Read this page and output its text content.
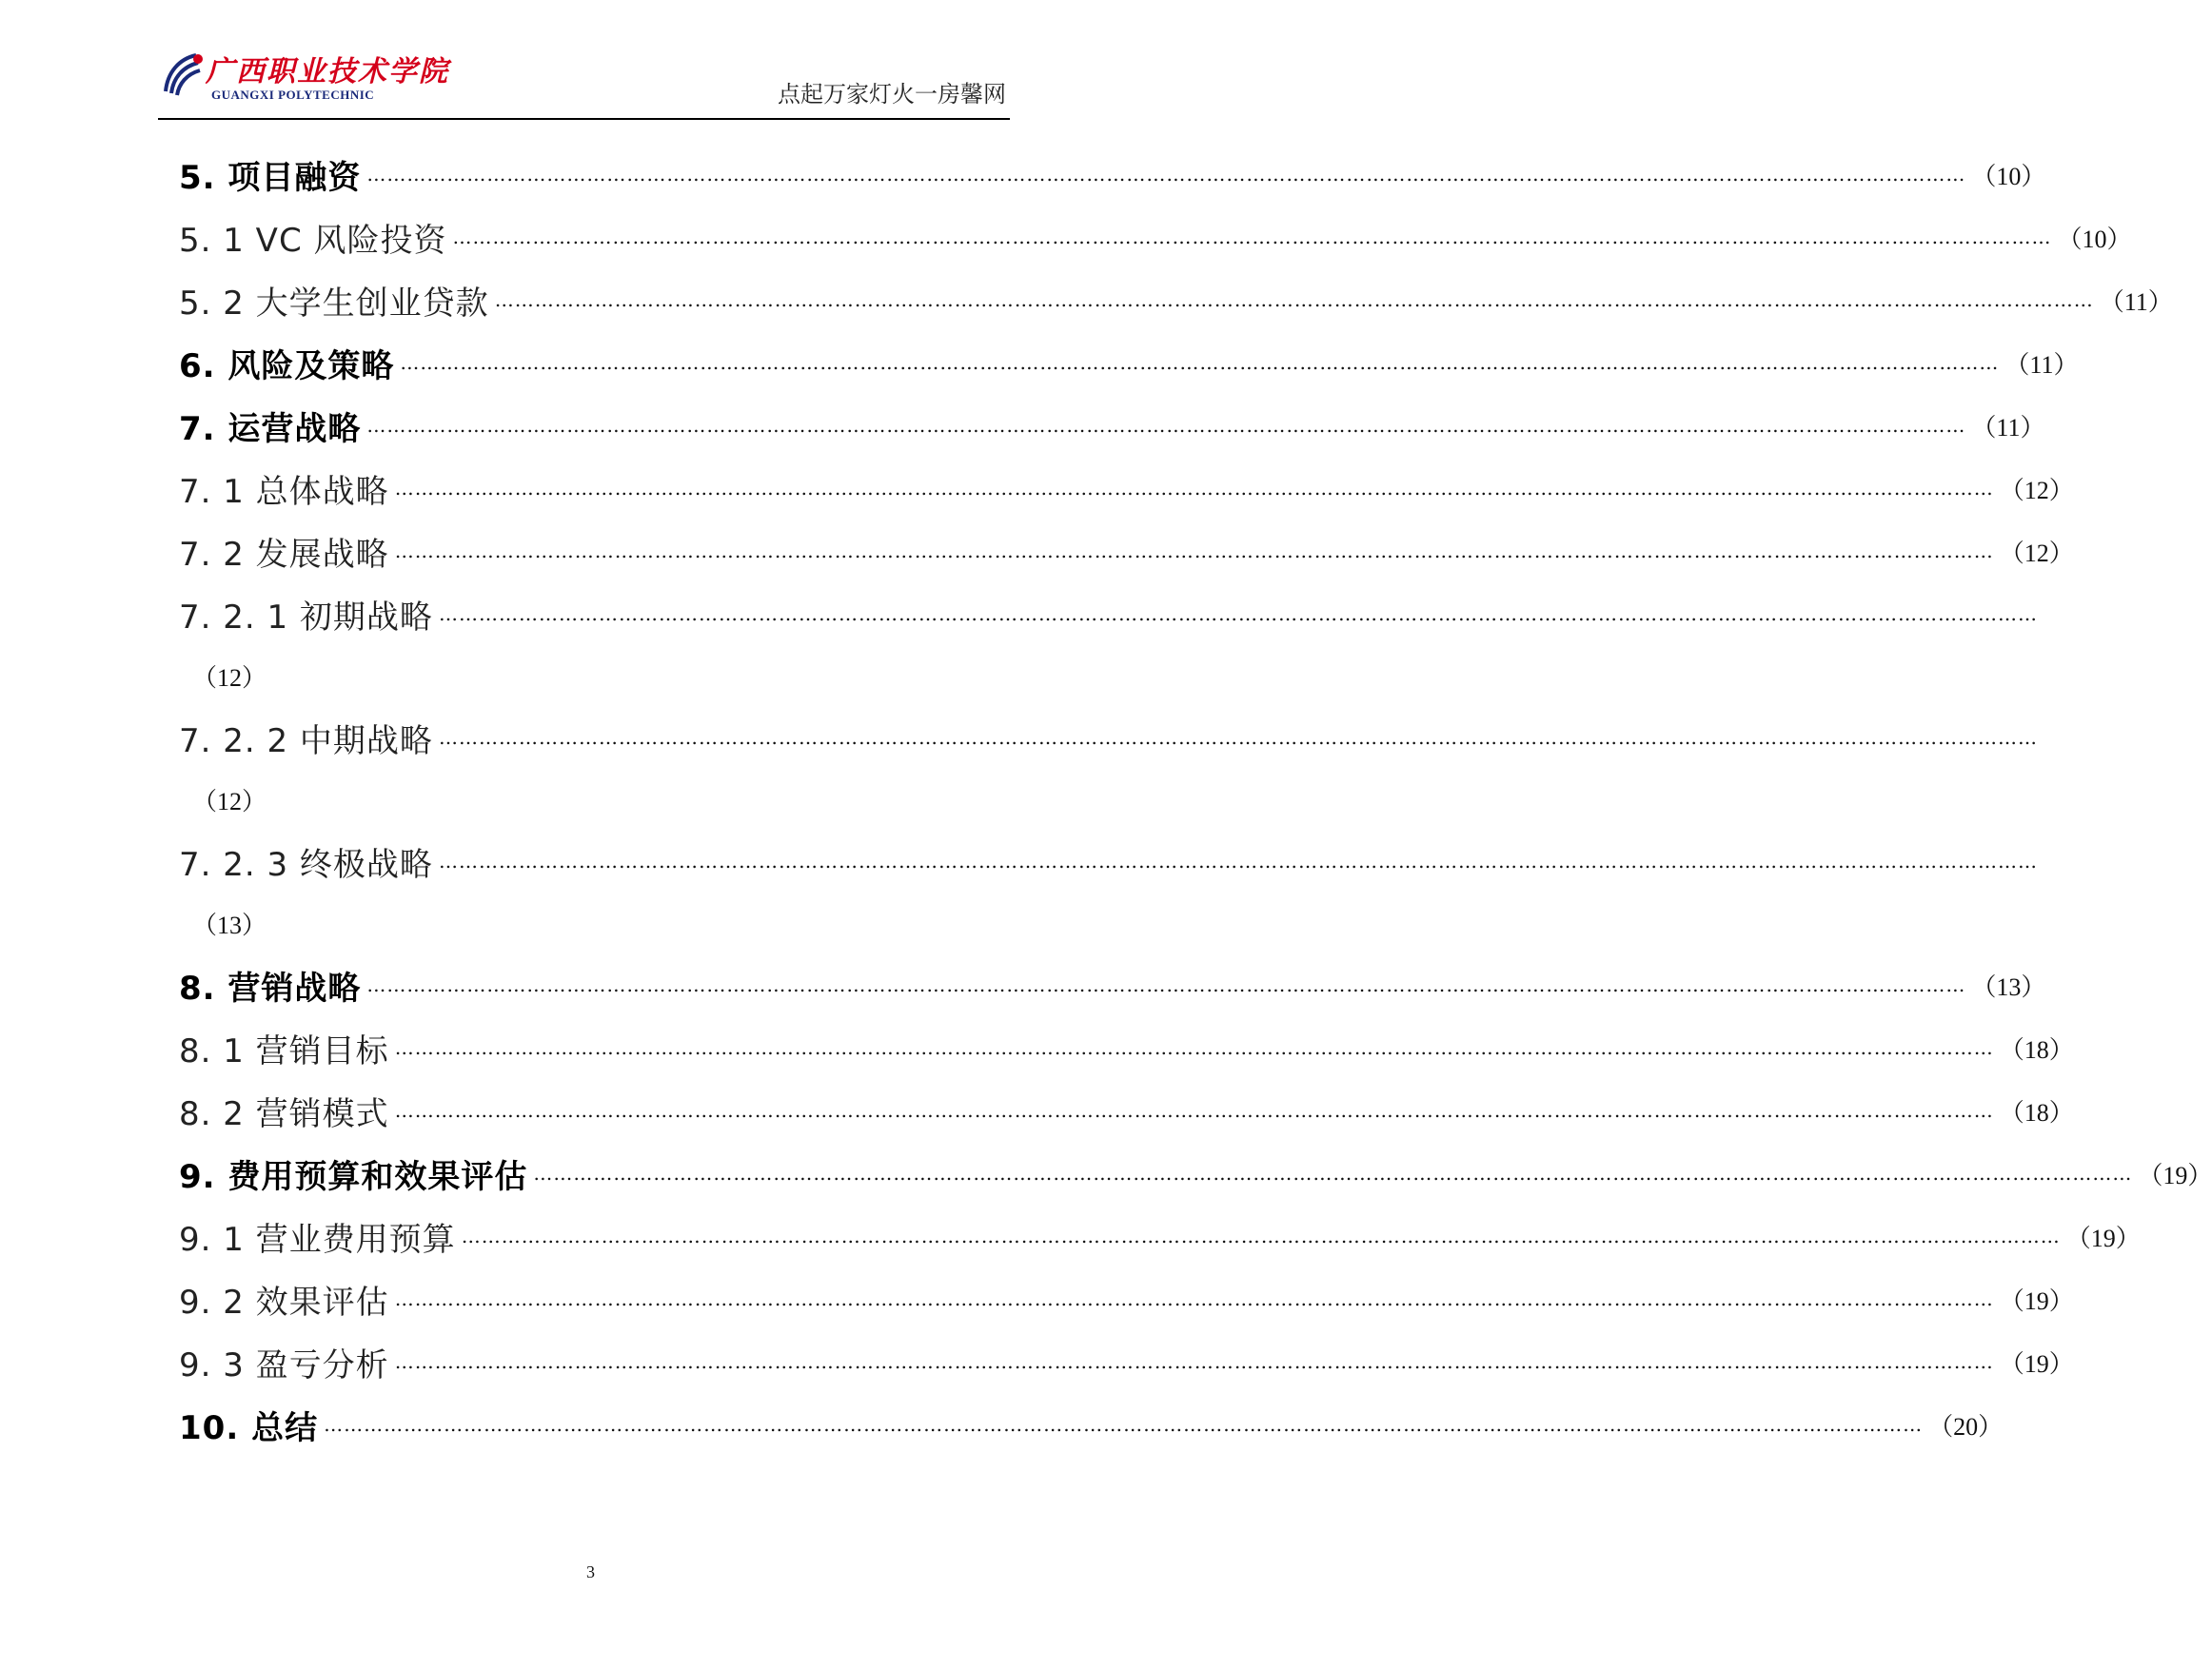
广西职业技术学院
GUANGXI POLYTECHNIC	点起万家灯火一房馨网
5. 项目融资 …………………………………………………………………………………………………………………………………………………………………………………………………………………… （10）
5. 1 VC 风险投资 …………………………………………………………………………………………………………………………………………………………………………………………………………………… （10）
5. 2 大学生创业贷款 …………………………………………………………………………………………………………………………………………………………………………………………………………………… （11）
6. 风险及策略 …………………………………………………………………………………………………………………………………………………………………………………………………………………… （11）
7. 运营战略 …………………………………………………………………………………………………………………………………………………………………………………………………………………… （11）
7. 1 总体战略 …………………………………………………………………………………………………………………………………………………………………………………………………………………… （12）
7. 2 发展战略 …………………………………………………………………………………………………………………………………………………………………………………………………………………… （12）
7. 2. 1 初期战略 ……………………………………………………………………………………………………………………………………………………………………………………………………………………
（12）
7. 2. 2 中期战略 ……………………………………………………………………………………………………………………………………………………………………………………………………………………
（12）
7. 2. 3 终极战略 ……………………………………………………………………………………………………………………………………………………………………………………………………………………
（13）
8. 营销战略 …………………………………………………………………………………………………………………………………………………………………………………………………………………… （13）
8. 1 营销目标 …………………………………………………………………………………………………………………………………………………………………………………………………………………… （18）
8. 2 营销模式 …………………………………………………………………………………………………………………………………………………………………………………………………………………… （18）
9. 费用预算和效果评估 …………………………………………………………………………………………………………………………………………………………………………………………………………………… （19）
9. 1 营业费用预算 …………………………………………………………………………………………………………………………………………………………………………………………………………………… （19）
9. 2 效果评估 …………………………………………………………………………………………………………………………………………………………………………………………………………………… （19）
9. 3 盈亏分析 …………………………………………………………………………………………………………………………………………………………………………………………………………………… （19）
10. 总结 …………………………………………………………………………………………………………………………………………………………………………………………………………………… （20）
3
